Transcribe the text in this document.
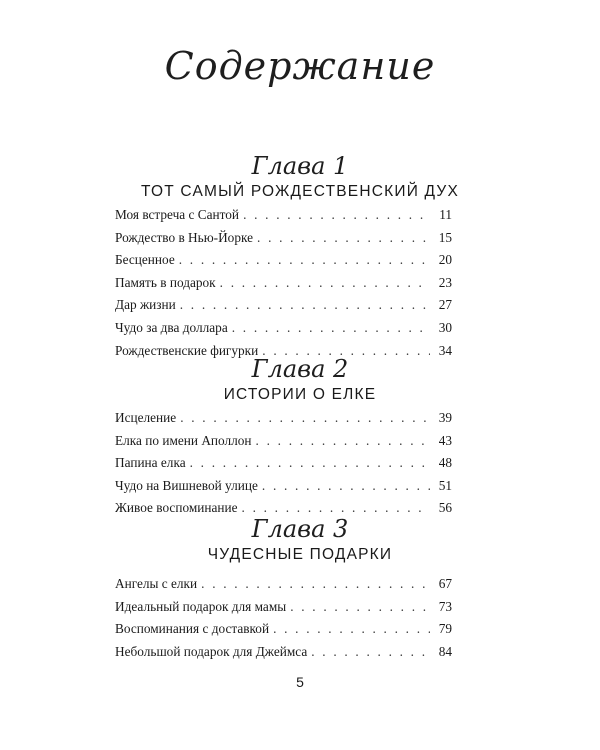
Содержание
Глава 1
ТОТ САМЫЙ РОЖДЕСТВЕНСКИЙ ДУХ
Моя встреча с Сантой . . .	11
Рождество в Нью-Йорке . . .	15
Бесценное . . .	20
Память в подарок . . .	23
Дар жизни . . .	27
Чудо за два доллара . . .	30
Рождественские фигурки . . .	34
Глава 2
ИСТОРИИ О ЕЛКЕ
Исцеление . . .	39
Елка по имени Аполлон . . .	43
Папина елка . . .	48
Чудо на Вишневой улице . . .	51
Живое воспоминание . . .	56
Глава 3
ЧУДЕСНЫЕ ПОДАРКИ
Ангелы с елки . . .	67
Идеальный подарок для мамы . . .	73
Воспоминания с доставкой . . .	79
Небольшой подарок для Джеймса . . .	84
5
